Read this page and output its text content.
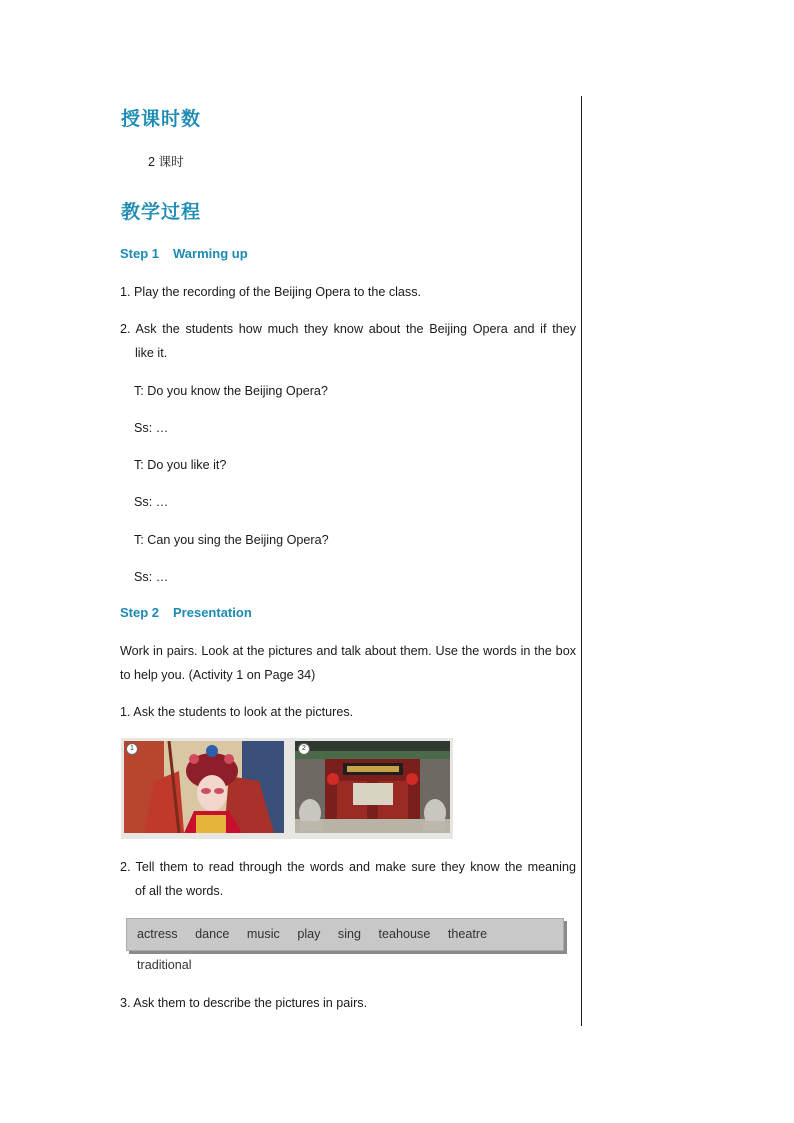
授课时数
2 课时
教学过程
Step 1 Warming up
1. Play the recording of the Beijing Opera to the class.
2. Ask the students how much they know about the Beijing Opera and if they
like it.
T: Do you know the Beijing Opera?
Ss: …
T: Do you like it?
Ss: …
T: Can you sing the Beijing Opera?
Ss: …
Step 2 Presentation
Work in pairs. Look at the pictures and talk about them. Use the words in the box to help you. (Activity 1 on Page 34)
1. Ask the students to look at the pictures.
1	2
2. Tell them to read through the words and make sure they know the meaning
of all the words.
actress dance music play sing teahouse theatre traditional
3. Ask them to describe the pictures in pairs.
